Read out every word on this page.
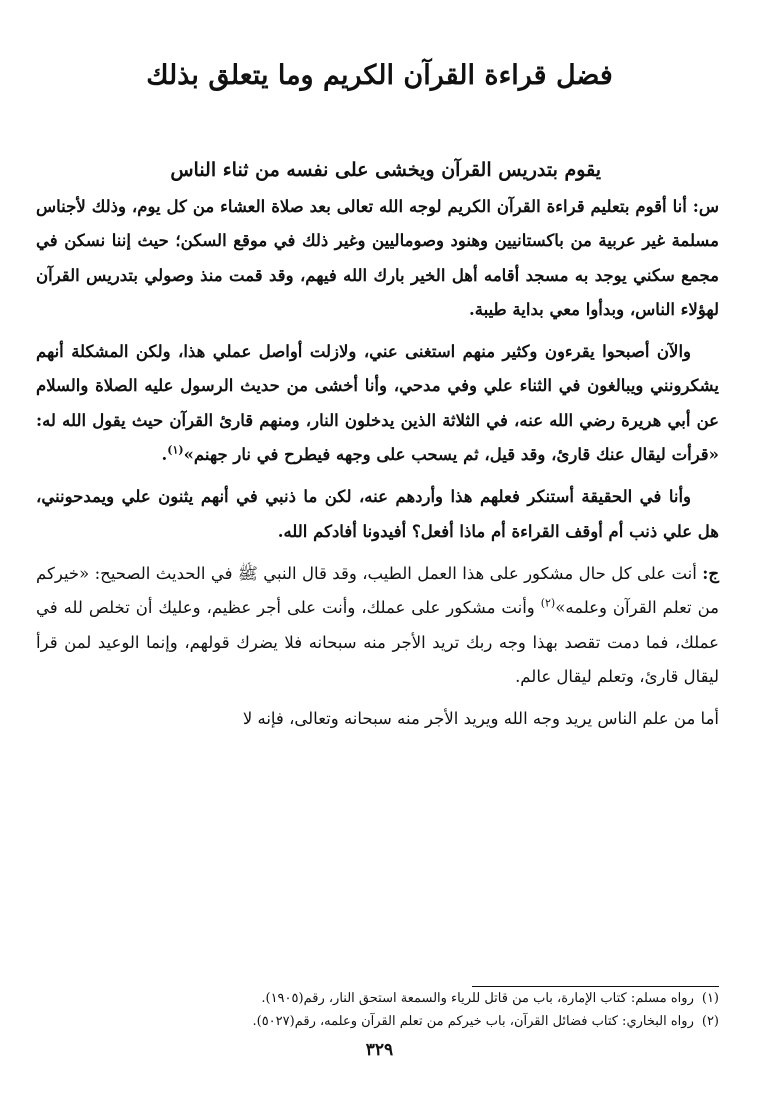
فضل قراءة القرآن الكريم وما يتعلق بذلك
يقوم بتدريس القرآن ويخشى على نفسه من ثناء الناس

س: أنا أقوم بتعليم قراءة القرآن الكريم لوجه الله تعالى بعد صلاة العشاء من كل يوم، وذلك لأجناس مسلمة غير عربية من باكستانيين وهنود وصوماليين وغير ذلك في موقع السكن؛ حيث إننا نسكن في مجمع سكني يوجد به مسجد أقامه أهل الخير بارك الله فيهم، وقد قمت منذ وصولي بتدريس القرآن لهؤلاء الناس، وبدأوا معي بداية طيبة.

والآن أصبحوا يقرءون وكثير منهم استغنى عني، ولازلت أواصل عملي هذا، ولكن المشكلة أنهم يشكرونني ويبالغون في الثناء علي وفي مدحي، وأنا أخشى من حديث الرسول عليه الصلاة والسلام عن أبي هريرة رضي الله عنه، في الثلاثة الذين يدخلون النار، ومنهم قارئ القرآن حيث يقول الله له: «قرأت ليقال عنك قارئ، وقد قيل، ثم يسحب على وجهه فيطرح في نار جهنم»$^{(١)}$.

وأنا في الحقيقة أستنكر فعلهم هذا وأردهم عنه، لكن ما ذنبي في أنهم يثنون علي ويمدحونني، هل علي ذنب أم أوقف القراءة أم ماذا أفعل؟ أفيدونا أفادكم الله.

ج: أنت على كل حال مشكور على هذا العمل الطيب، وقد قال النبي ﷺ في الحديث الصحيح: «خيركم من تعلم القرآن وعلمه»$^{(٢)}$ وأنت مشكور على عملك، وأنت على أجر عظيم، وعليك أن تخلص لله في عملك، فما دمت تقصد بهذا وجه ربك تريد الأجر منه سبحانه فلا يضرك قولهم، وإنما الوعيد لمن قرأ ليقال قارئ، وتعلم ليقال عالم.

أما من علم الناس يريد وجه الله ويريد الأجر منه سبحانه وتعالى، فإنه لا

(١)
رواه مسلم: كتاب الإمارة، باب من قاتل للرياء والسمعة استحق النار، رقم(١٩٠٥).

(٢)
رواه البخاري: كتاب فضائل القرآن، باب خيركم من تعلم القرآن وعلمه، رقم(٥٠٢٧).

٣٢٩
